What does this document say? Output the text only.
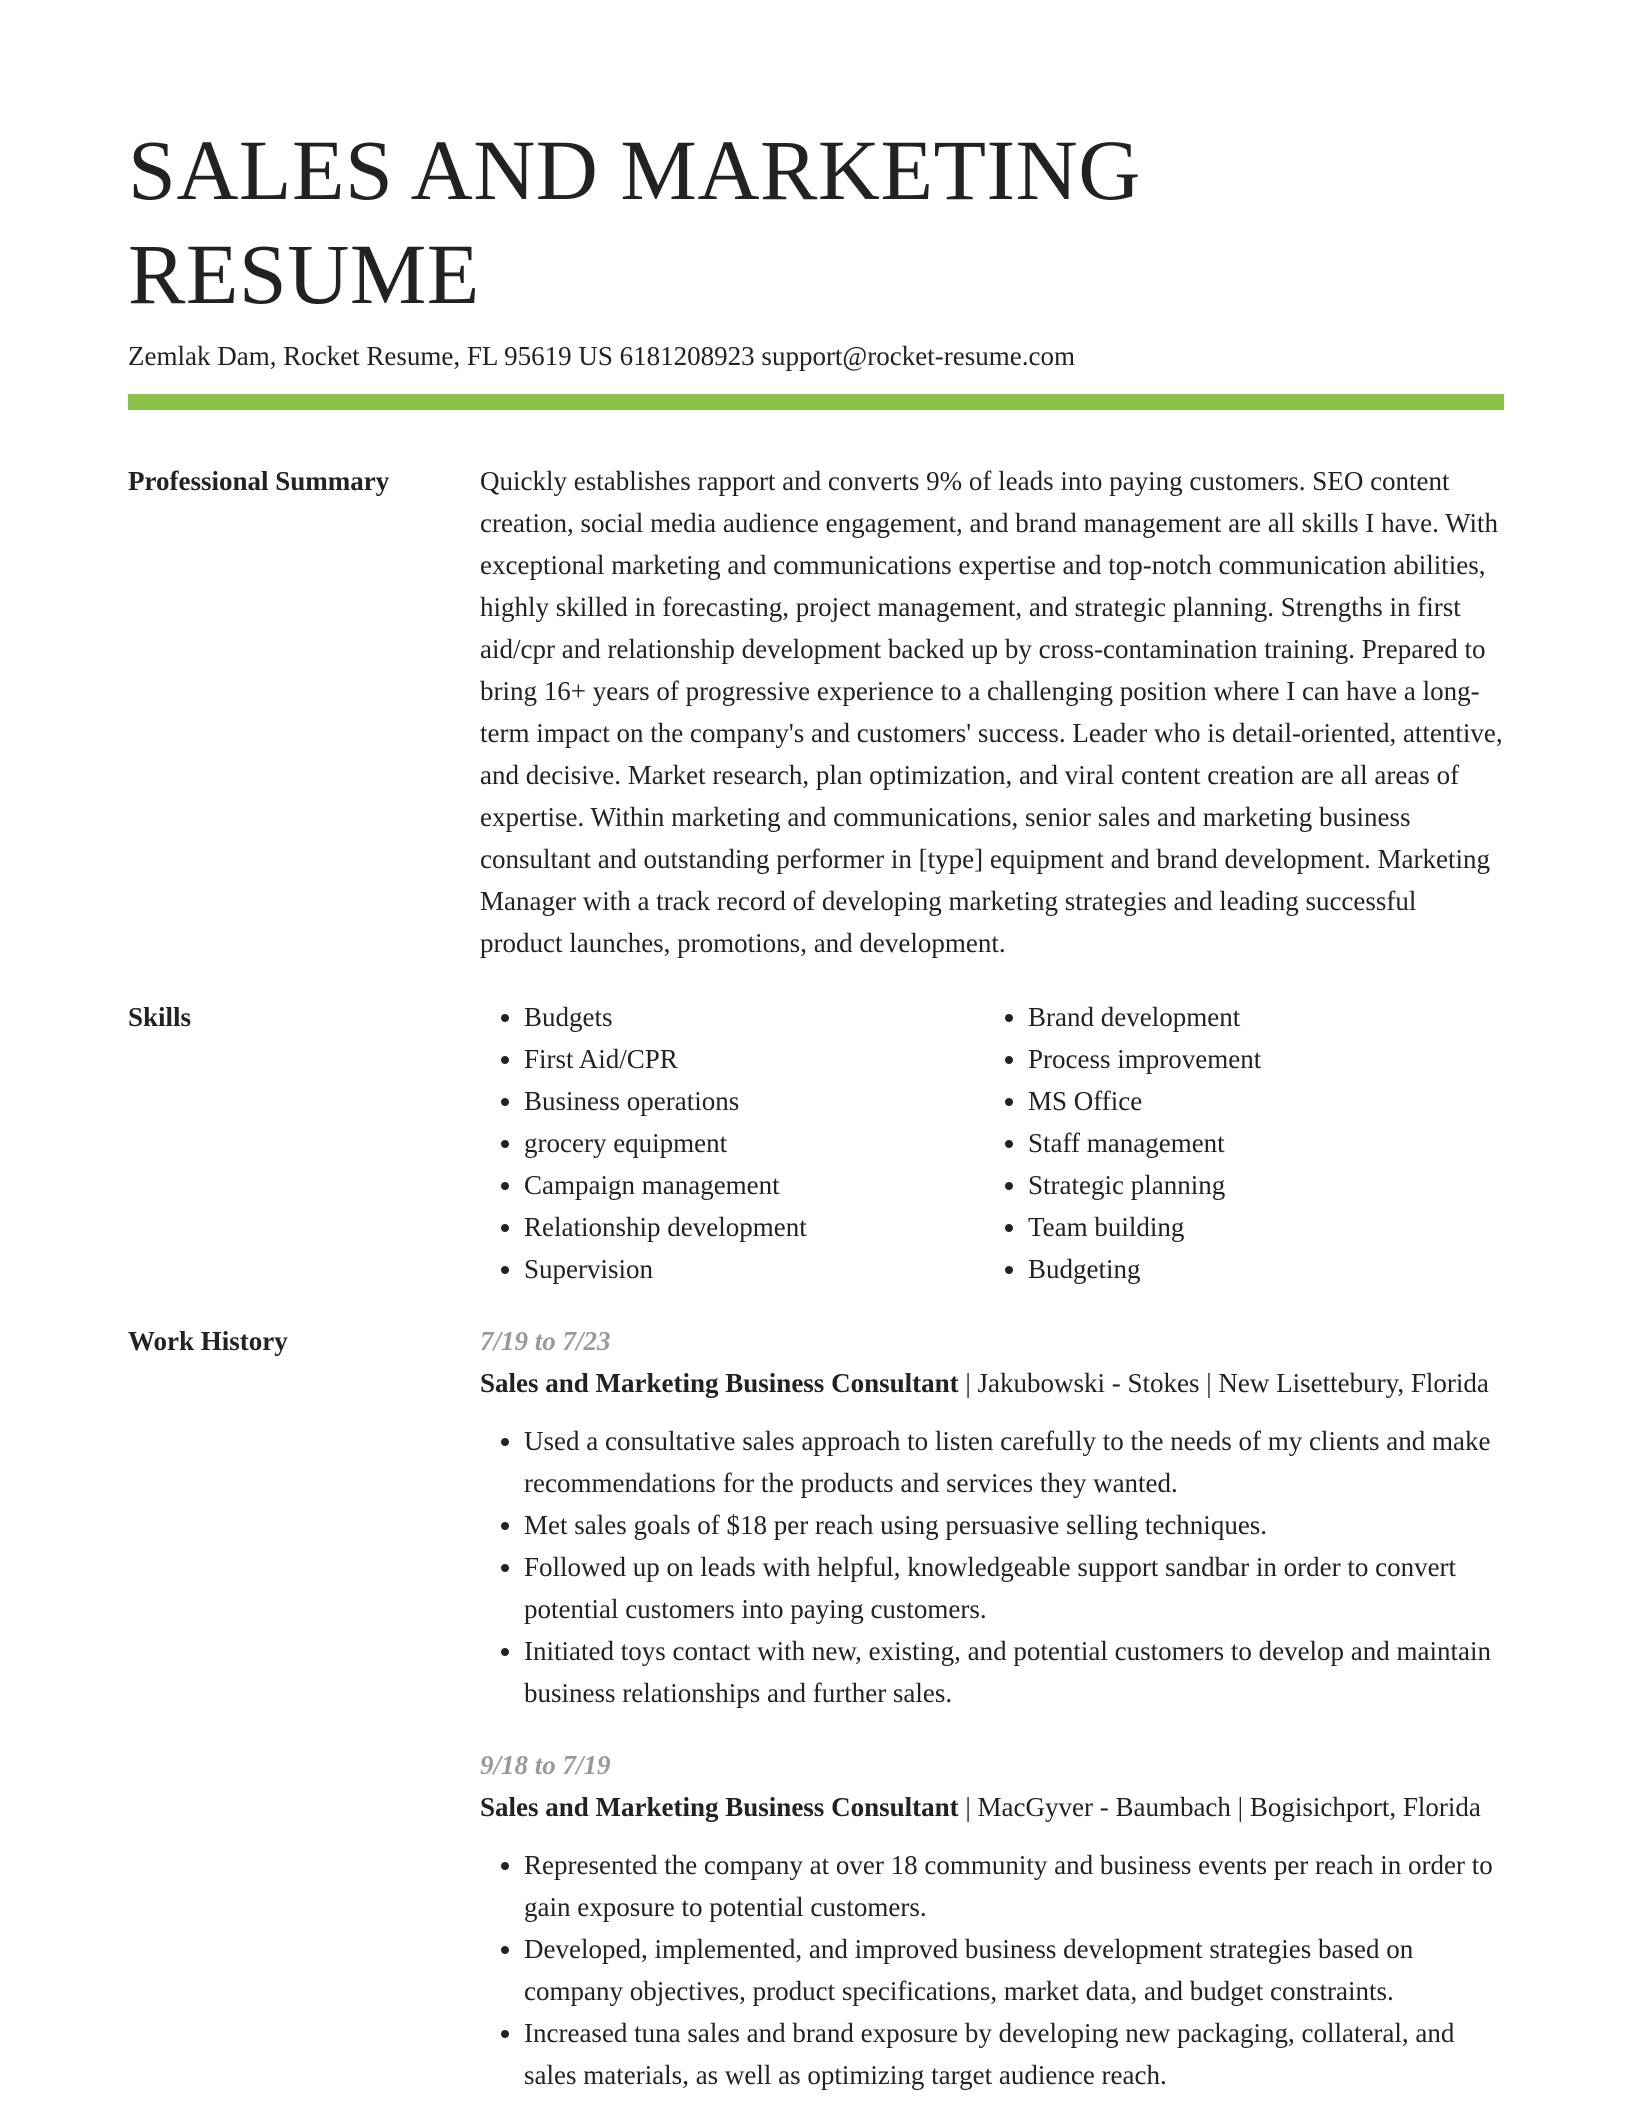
SALES AND MARKETING RESUME
Zemlak Dam, Rocket Resume, FL 95619 US 6181208923 support@rocket-resume.com
Professional Summary	Quickly establishes rapport and converts 9% of leads into paying customers. SEO content creation, social media audience engagement, and brand management are all skills I have. With exceptional marketing and communications expertise and top-notch communication abilities, highly skilled in forecasting, project management, and strategic planning. Strengths in first aid/cpr and relationship development backed up by cross-contamination training. Prepared to bring 16+ years of progressive experience to a challenging position where I can have a long-term impact on the company's and customers' success. Leader who is detail-oriented, attentive, and decisive. Market research, plan optimization, and viral content creation are all areas of expertise. Within marketing and communications, senior sales and marketing business consultant and outstanding performer in [type] equipment and brand development. Marketing Manager with a track record of developing marketing strategies and leading successful product launches, promotions, and development.
Skills
•	Budgets
• First Aid/CPR
• Business operations
• grocery equipment
• Campaign management
• Relationship development
• Supervision
• Brand development
• Process improvement
• MS Office
• Staff management
• Strategic planning
• Team building
• Budgeting
Work History	7/19 to 7/23
Sales and Marketing Business Consultant | Jakubowski - Stokes | New Lisettebury, Florida
• Used a consultative sales approach to listen carefully to the needs of my clients and make recommendations for the products and services they wanted.
• Met sales goals of $18 per reach using persuasive selling techniques.
• Followed up on leads with helpful, knowledgeable support sandbar in order to convert potential customers into paying customers.
• Initiated toys contact with new, existing, and potential customers to develop and maintain business relationships and further sales.
9/18 to 7/19
Sales and Marketing Business Consultant | MacGyver - Baumbach | Bogisichport, Florida
• Represented the company at over 18 community and business events per reach in order to gain exposure to potential customers.
• Developed, implemented, and improved business development strategies based on company objectives, product specifications, market data, and budget constraints.
• Increased tuna sales and brand exposure by developing new packaging, collateral, and sales materials, as well as optimizing target audience reach.
